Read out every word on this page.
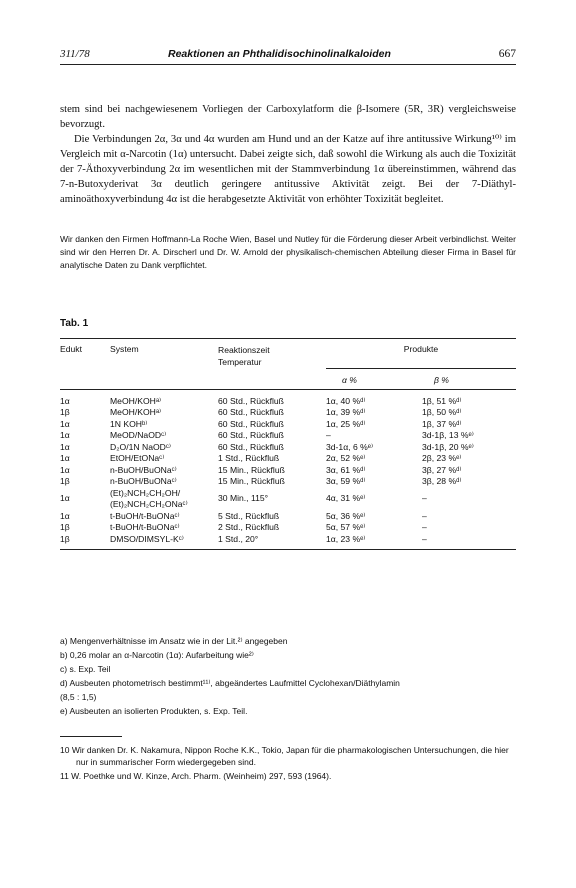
311/78	Reaktionen an Phthalidisochinolinalkaloiden	667

stem sind bei nachgewiesenem Vorliegen der Carboxylatform die β-Isomere (5R, 3R) vergleichsweise bevorzugt.

Die Verbindungen 2α, 3α und 4α wurden am Hund und an der Katze auf ihre antitussive Wirkung¹⁰⁾ im Vergleich mit α-Narcotin (1α) untersucht. Dabei zeigte sich, daß sowohl die Wirkung als auch die Toxizität der 7-Äthoxyverbindung 2α im wesentlichen mit der Stammverbindung 1α übereinstimmen, während das 7-n-Butoxyderivat 3α deutlich geringere antitussive Aktivität zeigt. Bei der 7-Diäthyl-aminoäthoxyverbindung 4α ist die herabgesetzte Aktivität von erhöhter Toxizität begleitet.

Wir danken den Firmen Hoffmann-La Roche Wien, Basel und Nutley für die Förderung dieser Arbeit verbindlichst. Weiter sind wir den Herren Dr. A. Dirscherl und Dr. W. Arnold der physikalisch-chemischen Abteilung dieser Firma in Basel für analytische Daten zu Dank verpflichtet.
Tab. 1
Edukt	System	Reaktionszeit
Temperatur	Produkte	
			α %	β %

1α	MeOH/KOHᵃ⁾	60 Std., Rückfluß	1α, 40 %ᵈ⁾	1β, 51 %ᵈ⁾
1β	MeOH/KOHᵃ⁾	60 Std., Rückfluß	1α, 39 %ᵈ⁾	1β, 50 %ᵈ⁾
1α	1N KOHᵇ⁾	60 Std., Rückfluß	1α, 25 %ᵈ⁾	1β, 37 %ᵈ⁾
1α	MeOD/NaODᶜ⁾	60 Std., Rückfluß	–	3d-1β, 13 %ᵉ⁾
1α	D₂O/1N NaODᶜ⁾	60 Std., Rückfluß	3d-1α, 6 %ᵉ⁾	3d-1β, 20 %ᵉ⁾
1α	EtOH/EtONaᶜ⁾	1 Std., Rückfluß	2α, 52 %ᵉ⁾	2β, 23 %ᵉ⁾
1α	n-BuOH/BuONaᶜ⁾	15 Min., Rückfluß	3α, 61 %ᵈ⁾	3β, 27 %ᵈ⁾
1β	n-BuOH/BuONaᶜ⁾	15 Min., Rückfluß	3α, 59 %ᵈ⁾	3β, 28 %ᵈ⁾
1α	(Et)₂NCH₂CH₂OH/
(Et)₂NCH₂CH₂ONaᶜ⁾	30 Min., 115°	4α, 31 %ᵉ⁾	–
1α	t-BuOH/t-BuONaᶜ⁾	5 Std., Rückfluß	5α, 36 %ᵉ⁾	–
1β	t-BuOH/t-BuONaᶜ⁾	2 Std., Rückfluß	5α, 57 %ᵉ⁾	–
1β	DMSO/DIMSYL-Kᶜ⁾	1 Std., 20°	1α, 23 %ᵉ⁾	–

a) Mengenverhältnisse im Ansatz wie in der Lit.²⁾ angegeben
b) 0,26 molar an α-Narcotin (1α): Aufarbeitung wie²⁾
c) s. Exp. Teil
d) Ausbeuten photometrisch bestimmt¹¹⁾, abgeändertes Laufmittel Cyclohexan/Diäthylamin
(8,5 : 1,5)
e) Ausbeuten an isolierten Produkten, s. Exp. Teil.
10 Wir danken Dr. K. Nakamura, Nippon Roche K.K., Tokio, Japan für die pharmakologischen Untersuchungen, die hier nur in summarischer Form wiedergegeben sind.
11 W. Poethke und W. Kinze, Arch. Pharm. (Weinheim) 297, 593 (1964).
